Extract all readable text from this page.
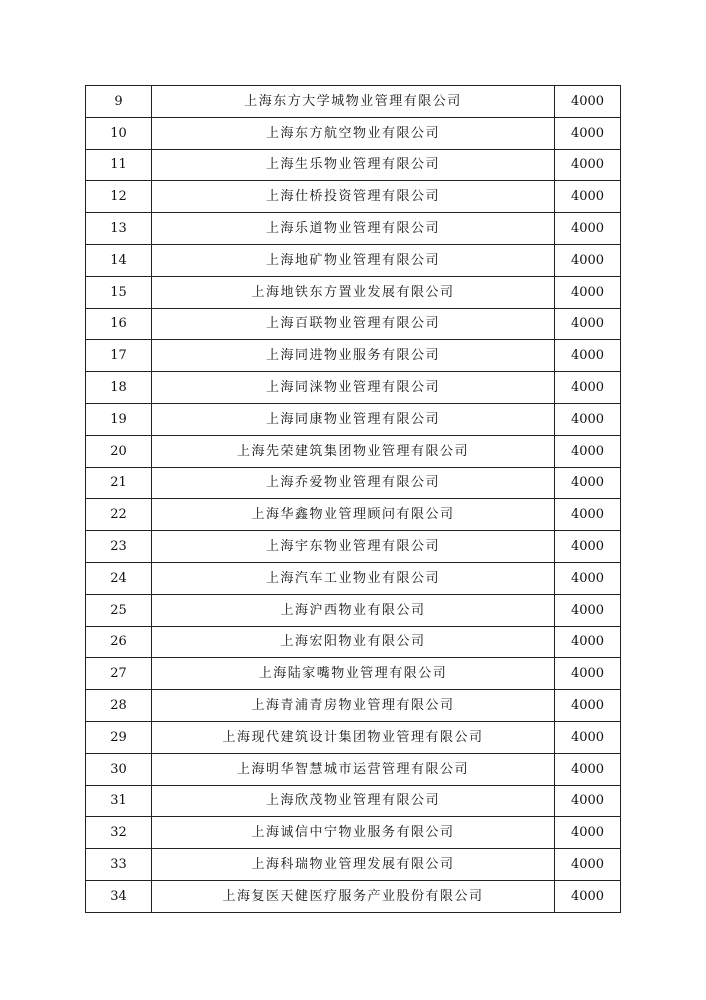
9	上海东方大学城物业管理有限公司	4000
10	上海东方航空物业有限公司	4000
11	上海生乐物业管理有限公司	4000
12	上海仕桥投资管理有限公司	4000
13	上海乐道物业管理有限公司	4000
14	上海地矿物业管理有限公司	4000
15	上海地铁东方置业发展有限公司	4000
16	上海百联物业管理有限公司	4000
17	上海同进物业服务有限公司	4000
18	上海同涞物业管理有限公司	4000
19	上海同康物业管理有限公司	4000
20	上海先荣建筑集团物业管理有限公司	4000
21	上海乔爱物业管理有限公司	4000
22	上海华鑫物业管理顾问有限公司	4000
23	上海宇东物业管理有限公司	4000
24	上海汽车工业物业有限公司	4000
25	上海沪西物业有限公司	4000
26	上海宏阳物业有限公司	4000
27	上海陆家嘴物业管理有限公司	4000
28	上海青浦青房物业管理有限公司	4000
29	上海现代建筑设计集团物业管理有限公司	4000
30	上海明华智慧城市运营管理有限公司	4000
31	上海欣茂物业管理有限公司	4000
32	上海诚信中宁物业服务有限公司	4000
33	上海科瑞物业管理发展有限公司	4000
34	上海复医天健医疗服务产业股份有限公司	4000
